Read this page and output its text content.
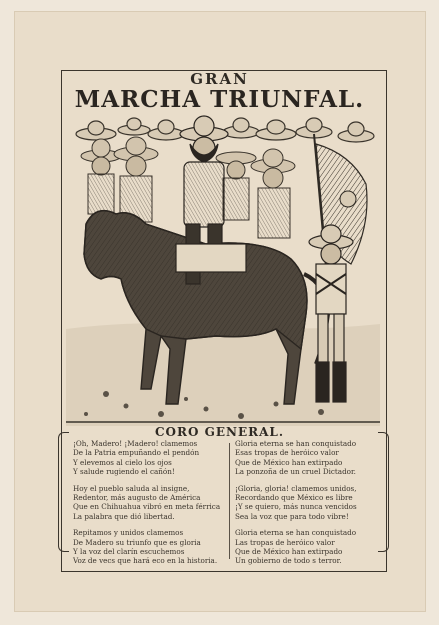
GRAN
MARCHA TRIUNFAL.
CORO GENERAL.
¡Oh, Madero! ¡Madero! clamemos
De la Patria empuñando el pendón
Y elevemos al cielo los ojos
Y salude rugiendo el cañón!
Hoy el pueblo saluda al insigne,
Redentor, más augusto de América
Que en Chihuahua vibró en meta férrica
La palabra que dió libertad.
Repitamos y unidos clamemos
De Madero su triunfo que es gloria
Y la voz del clarín escuchemos
Voz de vecs que hará eco en la historia.
Gloria eterna se han conquistado
Esas tropas de heróico valor
Que de México han extirpado
La ponzoña de un cruel Dictador.
¡Gloria, gloria! clamemos unidos,
Recordando que México es libre
¡Y se quiero, más nunca vencidos
Sea la voz que para todo vibre!
Gloria eterna se han conquistado
Las tropas de heróico valor
Que de México han extirpado
Un gobierno de todo s terror.
